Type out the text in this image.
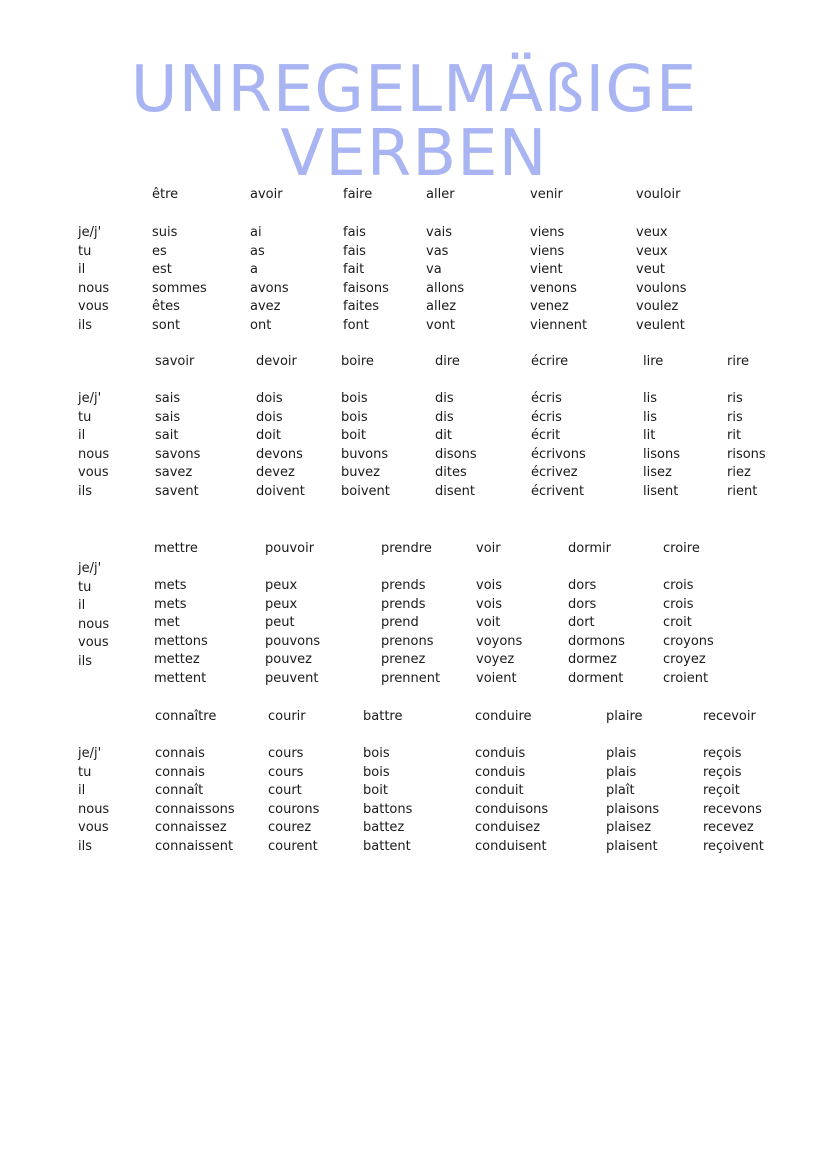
UNREGELMÄßIGE VERBEN
je/j'
tu
il
nous
vous
ils
être
suis
es
est
sommes
êtes
sont
avoir
ai
as
a
avons
avez
ont
faire
fais
fais
fait
faisons
faites
font
aller
vais
vas
va
allons
allez
vont
venir
viens
viens
vient
venons
venez
viennent
vouloir
veux
veux
veut
voulons
voulez
veulent
je/j'
tu
il
nous
vous
ils
savoir
sais
sais
sait
savons
savez
savent
devoir
dois
dois
doit
devons
devez
doivent
boire
bois
bois
boit
buvons
buvez
boivent
dire
dis
dis
dit
disons
dites
disent
écrire
écris
écris
écrit
écrivons
écrivez
écrivent
lire
lis
lis
lit
lisons
lisez
lisent
rire
ris
ris
rit
risons
riez
rient
je/j'
tu
il
nous
vous
ils
mettre
mets
mets
met
mettons
mettez
mettent
pouvoir
peux
peux
peut
pouvons
pouvez
peuvent
prendre
prends
prends
prend
prenons
prenez
prennent
voir
vois
vois
voit
voyons
voyez
voient
dormir
dors
dors
dort
dormons
dormez
dorment
croire
crois
crois
croit
croyons
croyez
croient
je/j'
tu
il
nous
vous
ils
connaître
connais
connais
connaît
connaissons
connaissez
connaissent
courir
cours
cours
court
courons
courez
courent
battre
bois
bois
boit
battons
battez
battent
conduire
conduis
conduis
conduit
conduisons
conduisez
conduisent
plaire
plais
plais
plaît
plaisons
plaisez
plaisent
recevoir
reçois
reçois
reçoit
recevons
recevez
reçoivent
